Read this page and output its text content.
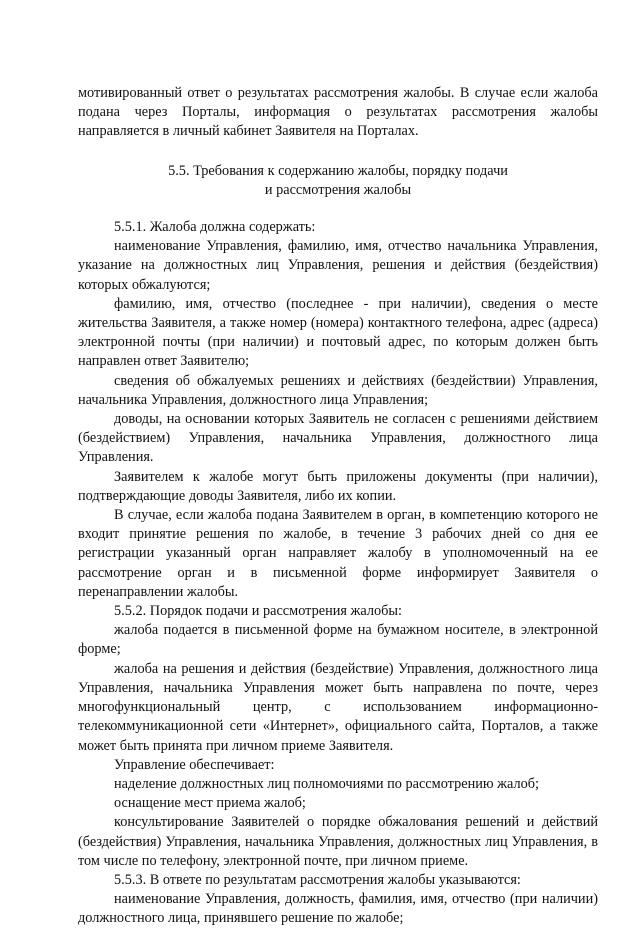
мотивированный ответ о результатах рассмотрения жалобы. В случае если жалоба подана через Порталы, информация о результатах рассмотрения жалобы направляется в личный кабинет Заявителя на Порталах.

5.5. Требования к содержанию жалобы, порядку подачи
и рассмотрения жалобы

5.5.1. Жалоба должна содержать:

наименование Управления, фамилию, имя, отчество начальника Управления, указание на должностных лиц Управления, решения и действия (бездействия) которых обжалуются;

фамилию, имя, отчество (последнее - при наличии), сведения о месте жительства Заявителя, а также номер (номера) контактного телефона, адрес (адреса) электронной почты (при наличии) и почтовый адрес, по которым должен быть направлен ответ Заявителю;

сведения об обжалуемых решениях и действиях (бездействии) Управления, начальника Управления, должностного лица Управления;

доводы, на основании которых Заявитель не согласен с решениями действием (бездействием) Управления, начальника Управления, должностного лица Управления.

Заявителем к жалобе могут быть приложены документы (при наличии), подтверждающие доводы Заявителя, либо их копии.

В случае, если жалоба подана Заявителем в орган, в компетенцию которого не входит принятие решения по жалобе, в течение 3 рабочих дней со дня ее регистрации указанный орган направляет жалобу в уполномоченный на ее рассмотрение орган и в письменной форме информирует Заявителя о перенаправлении жалобы.

5.5.2. Порядок подачи и рассмотрения жалобы:

жалоба подается в письменной форме на бумажном носителе, в электронной форме;

жалоба на решения и действия (бездействие) Управления, должностного лица Управления, начальника Управления может быть направлена по почте, через многофункциональный центр, с использованием информационно-телекоммуникационной сети «Интернет», официального сайта, Порталов, а также может быть принята при личном приеме Заявителя.

Управление обеспечивает:

наделение должностных лиц полномочиями по рассмотрению жалоб;

оснащение мест приема жалоб;

консультирование Заявителей о порядке обжалования решений и действий (бездействия) Управления, начальника Управления, должностных лиц Управления, в том числе по телефону, электронной почте, при личном приеме.

5.5.3. В ответе по результатам рассмотрения жалобы указываются:

наименование Управления, должность, фамилия, имя, отчество (при наличии) должностного лица, принявшего решение по жалобе;
